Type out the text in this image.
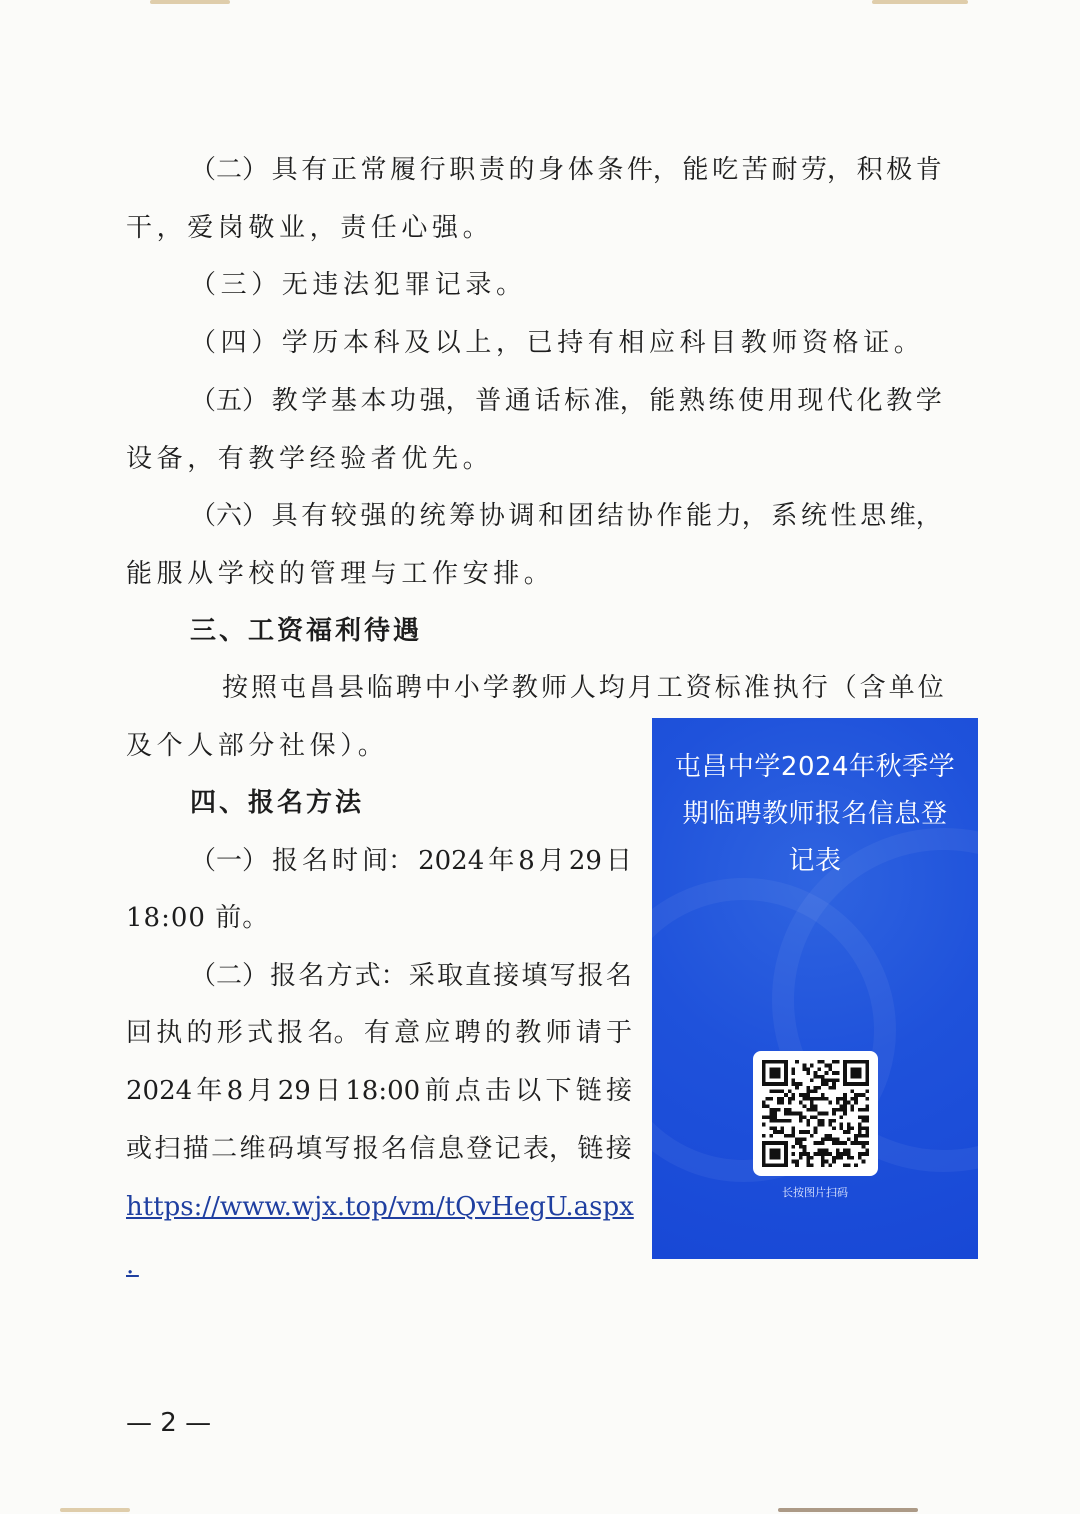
（二） 具 有 正 常 履 行 职 责 的 身 体 条 件， 能 吃 苦 耐 劳， 积 极 肯
干，爱岗敬业，责任心强。
（三）无违法犯罪记录。
（四）学历本科及以上，已持有相应科目教师资格证。
（五） 教 学 基 本 功 强， 普 通 话 标 准， 能 熟 练 使 用 现 代 化 教 学
设备，有教学经验者优先。
（六） 具 有 较 强 的 统 筹 协 调 和 团 结 协 作 能 力， 系 统 性 思 维，
能服从学校的管理与工作安排。
三、工资福利待遇
按 照 屯 昌 县 临 聘 中 小 学 教 师 人 均 月 工 资 标 准 执 行 （ 含 单 位
及个人部分社保）。
四、报名方法
（一） 报 名 时 间： 2024 年 8 月 29 日
18:00 前。
（二） 报 名 方 式： 采 取 直 接 填 写 报 名
回 执 的 形 式 报 名。 有 意 应 聘 的 教 师 请 于
2024 年 8 月 29 日 18:00 前 点 击 以 下 链 接
或 扫 描 二 维 码 填 写 报 名 信 息 登 记 表， 链 接
https://www.wjx.top/vm/tQvHegU.aspx
.
屯昌中学2024年秋季学
期临聘教师报名信息登
记表
长按图片扫码
— 2 —
